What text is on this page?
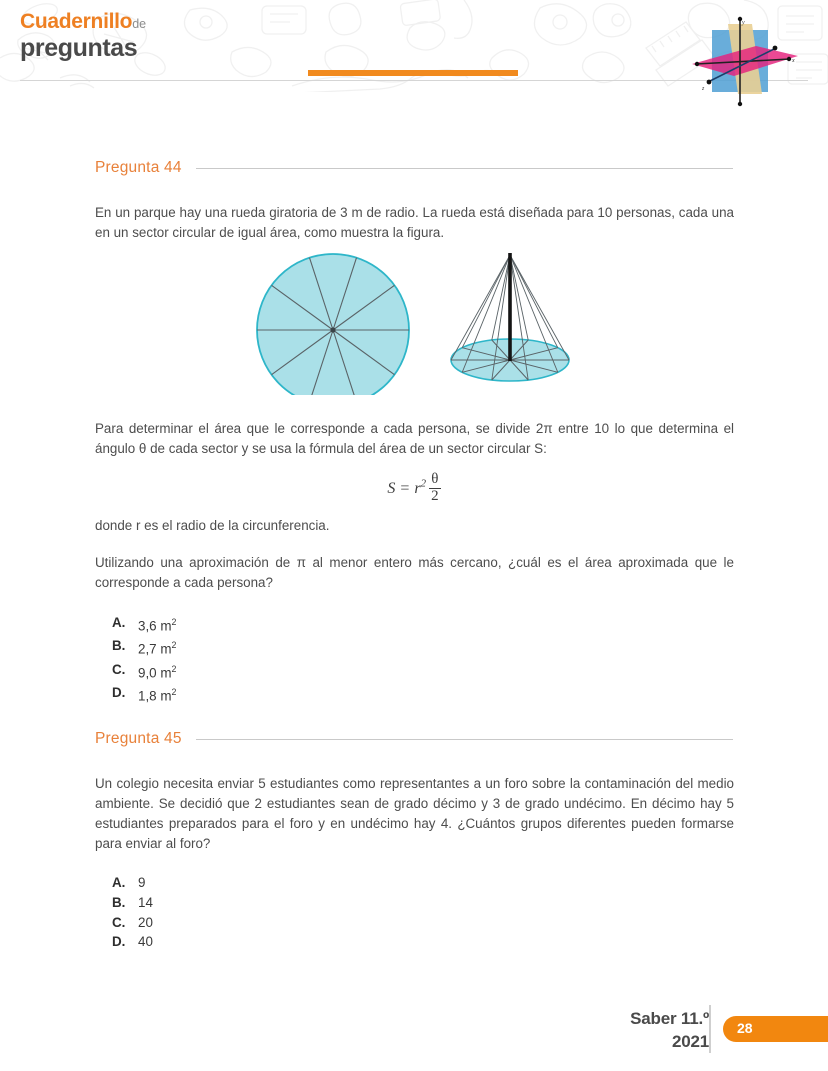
Cuadernillode
preguntas
y
x
z
Pregunta 44
En un parque hay una rueda giratoria de 3 m de radio. La rueda está diseñada para 10 personas, cada una en un sector circular de igual área, como muestra la figura.
Para determinar el área que le corresponde a cada persona, se divide 2π entre 10 lo que determina el ángulo θ de cada sector y se usa la fórmula del área de un sector circular S:
$S = r^2 \frac{\theta}{2}$
donde r es el radio de la circunferencia.
Utilizando una aproximación de π al menor entero más cercano, ¿cuál es el área aproximada que le corresponde a cada persona?
A. 3,6 $m^2$
B. 2,7 $m^2$
C. 9,0 $m^2$
D. 1,8 $m^2$
Pregunta 45
Un colegio necesita enviar 5 estudiantes como representantes a un foro sobre la contaminación del medio ambiente. Se decidió que 2 estudiantes sean de grado décimo y 3 de grado undécimo. En décimo hay 5 estudiantes preparados para el foro y en undécimo hay 4. ¿Cuántos grupos diferentes pueden formarse para enviar al foro?
A. 9
B. 14
C. 20
D. 40
Saber 11.º
2021
28
